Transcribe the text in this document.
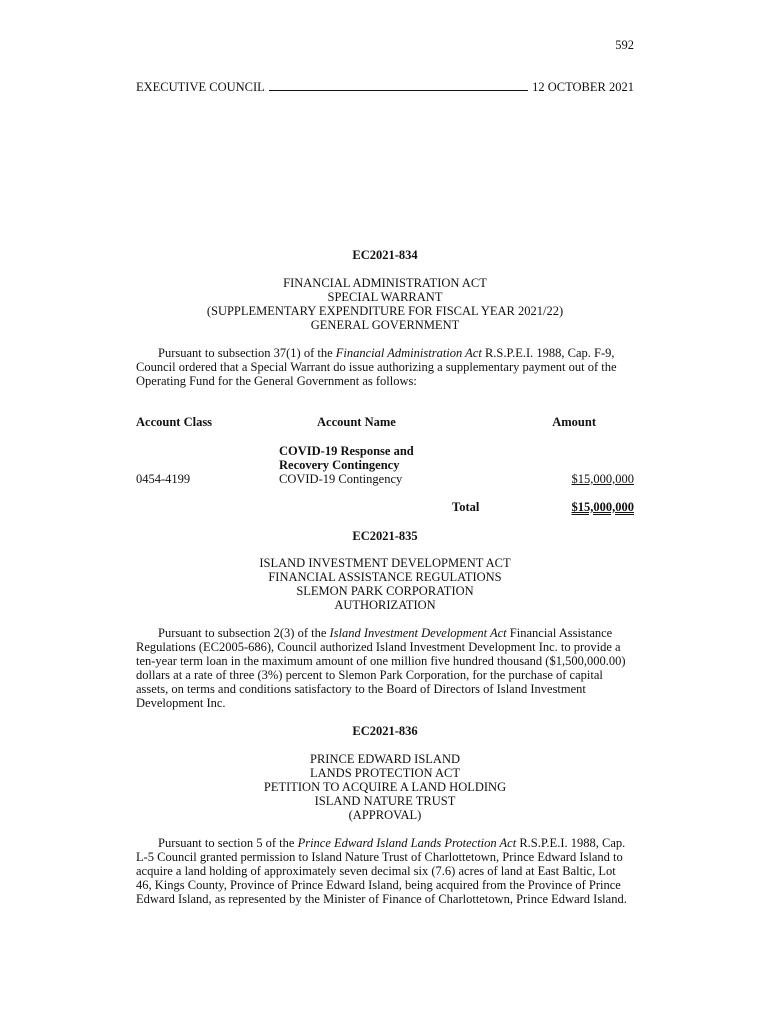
592
EXECUTIVE COUNCIL	12 OCTOBER 2021
EC2021-834
FINANCIAL ADMINISTRATION ACT
SPECIAL WARRANT
(SUPPLEMENTARY EXPENDITURE FOR FISCAL YEAR 2021/22)
GENERAL GOVERNMENT
Pursuant to subsection 37(1) of the Financial Administration Act R.S.P.E.I. 1988, Cap. F-9, Council ordered that a Special Warrant do issue authorizing a supplementary payment out of the Operating Fund for the General Government as follows:
Account Class	Account Name	Amount
COVID-19 Response and
Recovery Contingency
0454-4199	COVID-19 Contingency	$15,000,000
Total	$15,000,000
EC2021-835
ISLAND INVESTMENT DEVELOPMENT ACT
FINANCIAL ASSISTANCE REGULATIONS
SLEMON PARK CORPORATION
AUTHORIZATION
Pursuant to subsection 2(3) of the Island Investment Development Act Financial Assistance Regulations (EC2005-686), Council authorized Island Investment Development Inc. to provide a ten-year term loan in the maximum amount of one million five hundred thousand ($1,500,000.00) dollars at a rate of three (3%) percent to Slemon Park Corporation, for the purchase of capital assets, on terms and conditions satisfactory to the Board of Directors of Island Investment Development Inc.
EC2021-836
PRINCE EDWARD ISLAND
LANDS PROTECTION ACT
PETITION TO ACQUIRE A LAND HOLDING
ISLAND NATURE TRUST
(APPROVAL)
Pursuant to section 5 of the Prince Edward Island Lands Protection Act R.S.P.E.I. 1988, Cap. L-5 Council granted permission to Island Nature Trust of Charlottetown, Prince Edward Island to acquire a land holding of approximately seven decimal six (7.6) acres of land at East Baltic, Lot 46, Kings County, Province of Prince Edward Island, being acquired from the Province of Prince Edward Island, as represented by the Minister of Finance of Charlottetown, Prince Edward Island.
